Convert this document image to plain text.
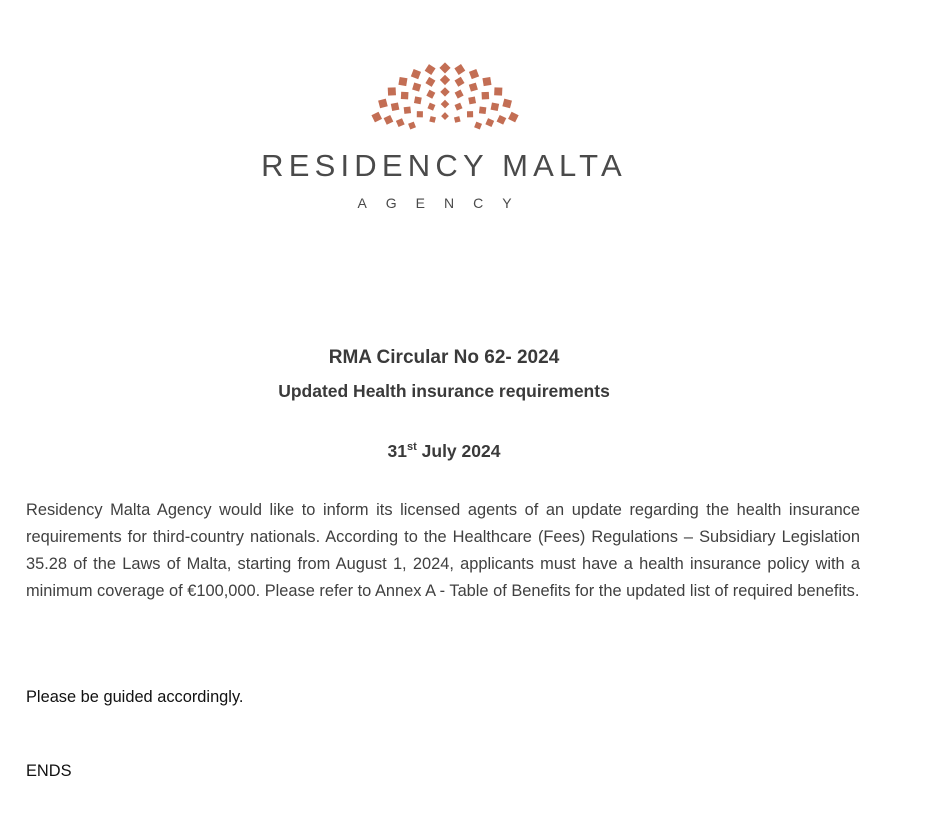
RESIDENCY MALTA
AGENCY
RMA Circular No 62- 2024
Updated Health insurance requirements
31st July 2024
Residency Malta Agency would like to inform its licensed agents of an update regarding the health insurance requirements for third-country nationals. According to the Healthcare (Fees) Regulations – Subsidiary Legislation 35.28 of the Laws of Malta, starting from August 1, 2024, applicants must have a health insurance policy with a minimum coverage of €100,000. Please refer to Annex A - Table of Benefits for the updated list of required benefits.
Please be guided accordingly.
ENDS
